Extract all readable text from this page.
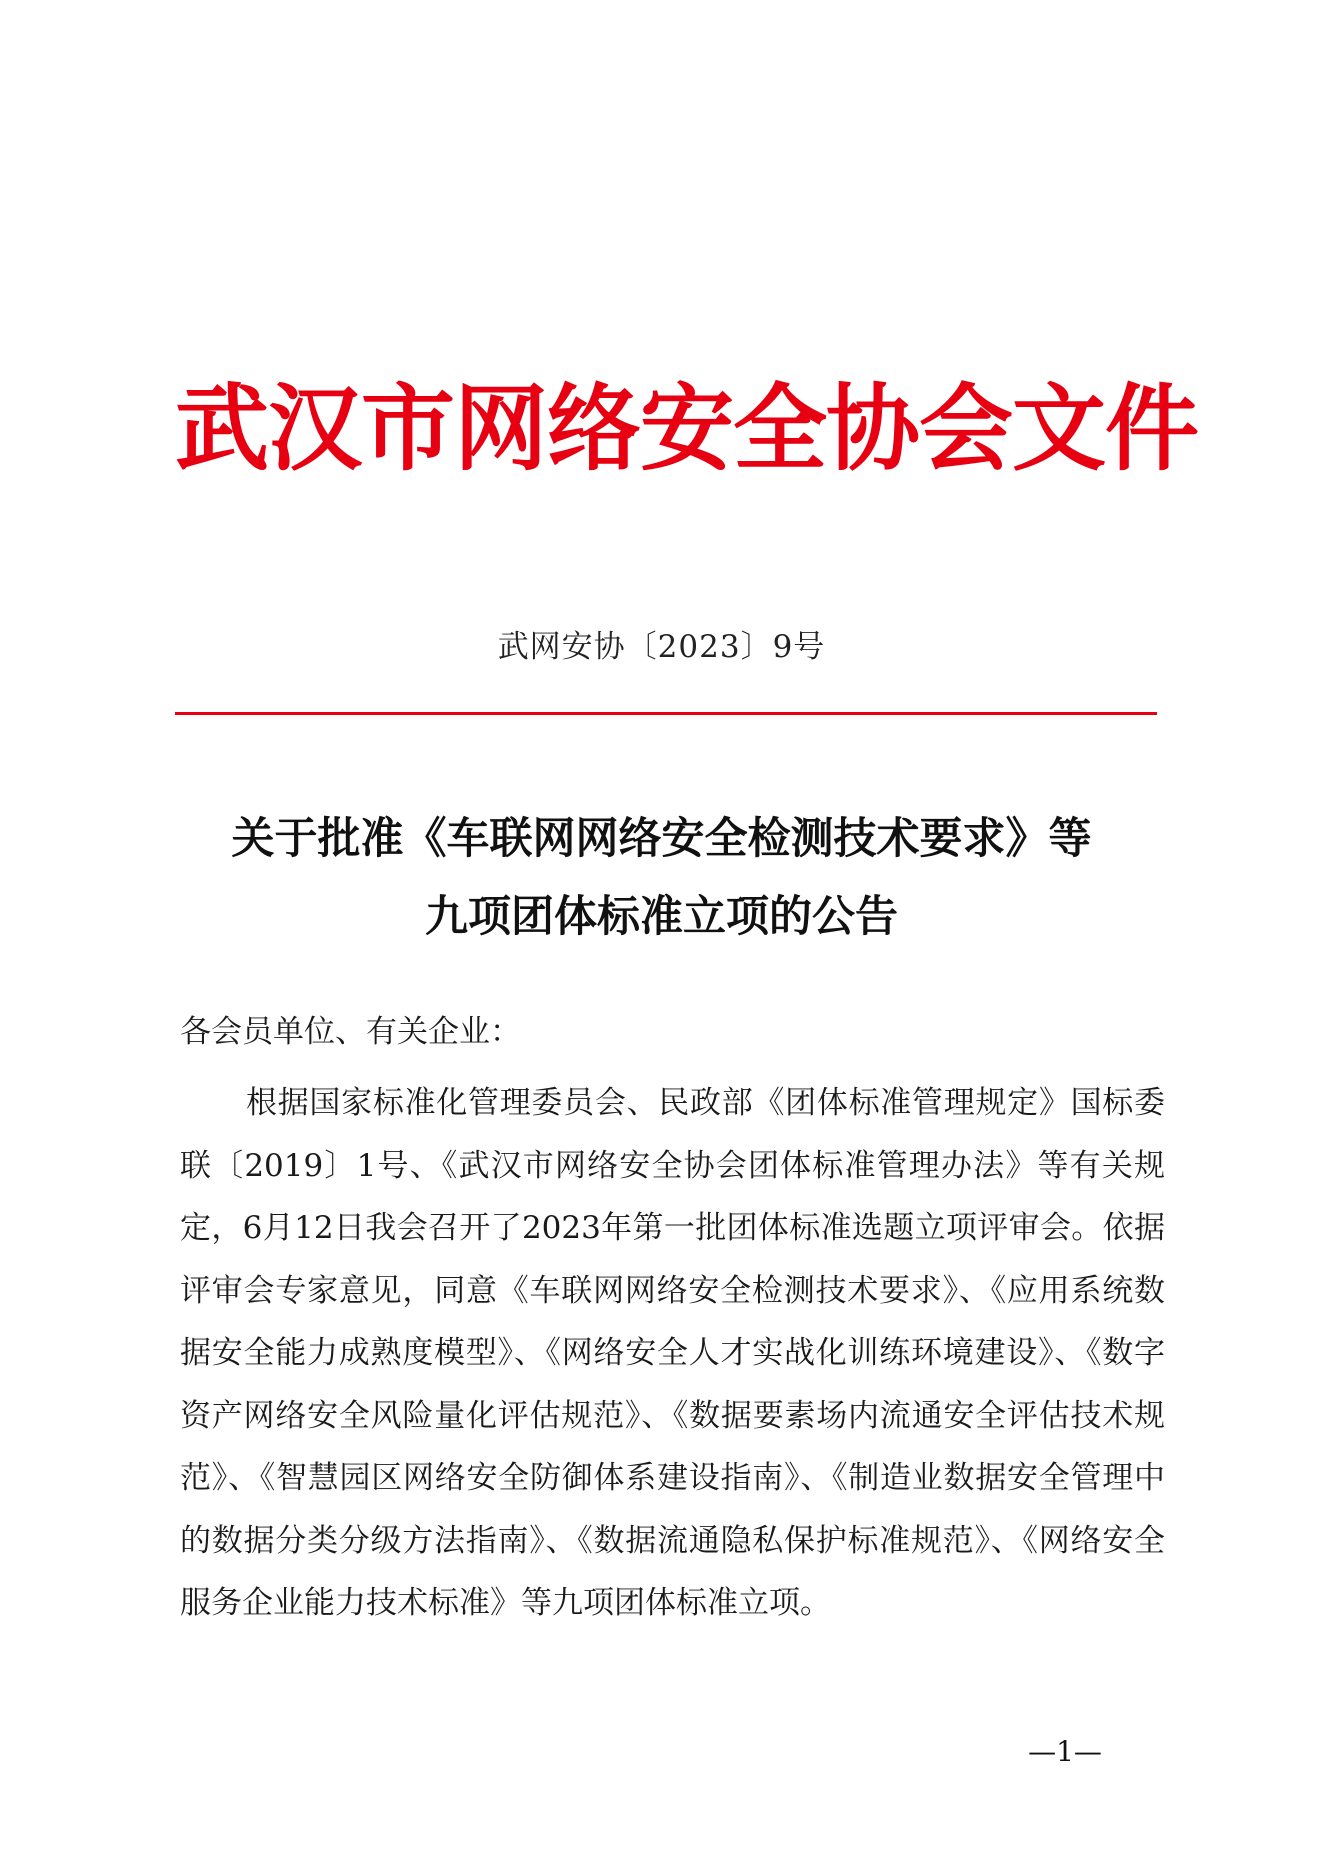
武汉市网络安全协会文件
武网安协〔2023〕9号
关于批准《车联网网络安全检测技术要求》等
九项团体标准立项的公告
各会员单位、有关企业：
根据国家标准化管理委员会、民政部《团体标准管理规定》国标委联〔2019〕1号、《武汉市网络安全协会团体标准管理办法》等有关规定，6月12日我会召开了2023年第一批团体标准选题立项评审会。依据评审会专家意见，同意《车联网网络安全检测技术要求》、《应用系统数据安全能力成熟度模型》、《网络安全人才实战化训练环境建设》、《数字资产网络安全风险量化评估规范》、《数据要素场内流通安全评估技术规范》、《智慧园区网络安全防御体系建设指南》、《制造业数据安全管理中的数据分类分级方法指南》、《数据流通隐私保护标准规范》、《网络安全服务企业能力技术标准》等九项团体标准立项。
—1—
